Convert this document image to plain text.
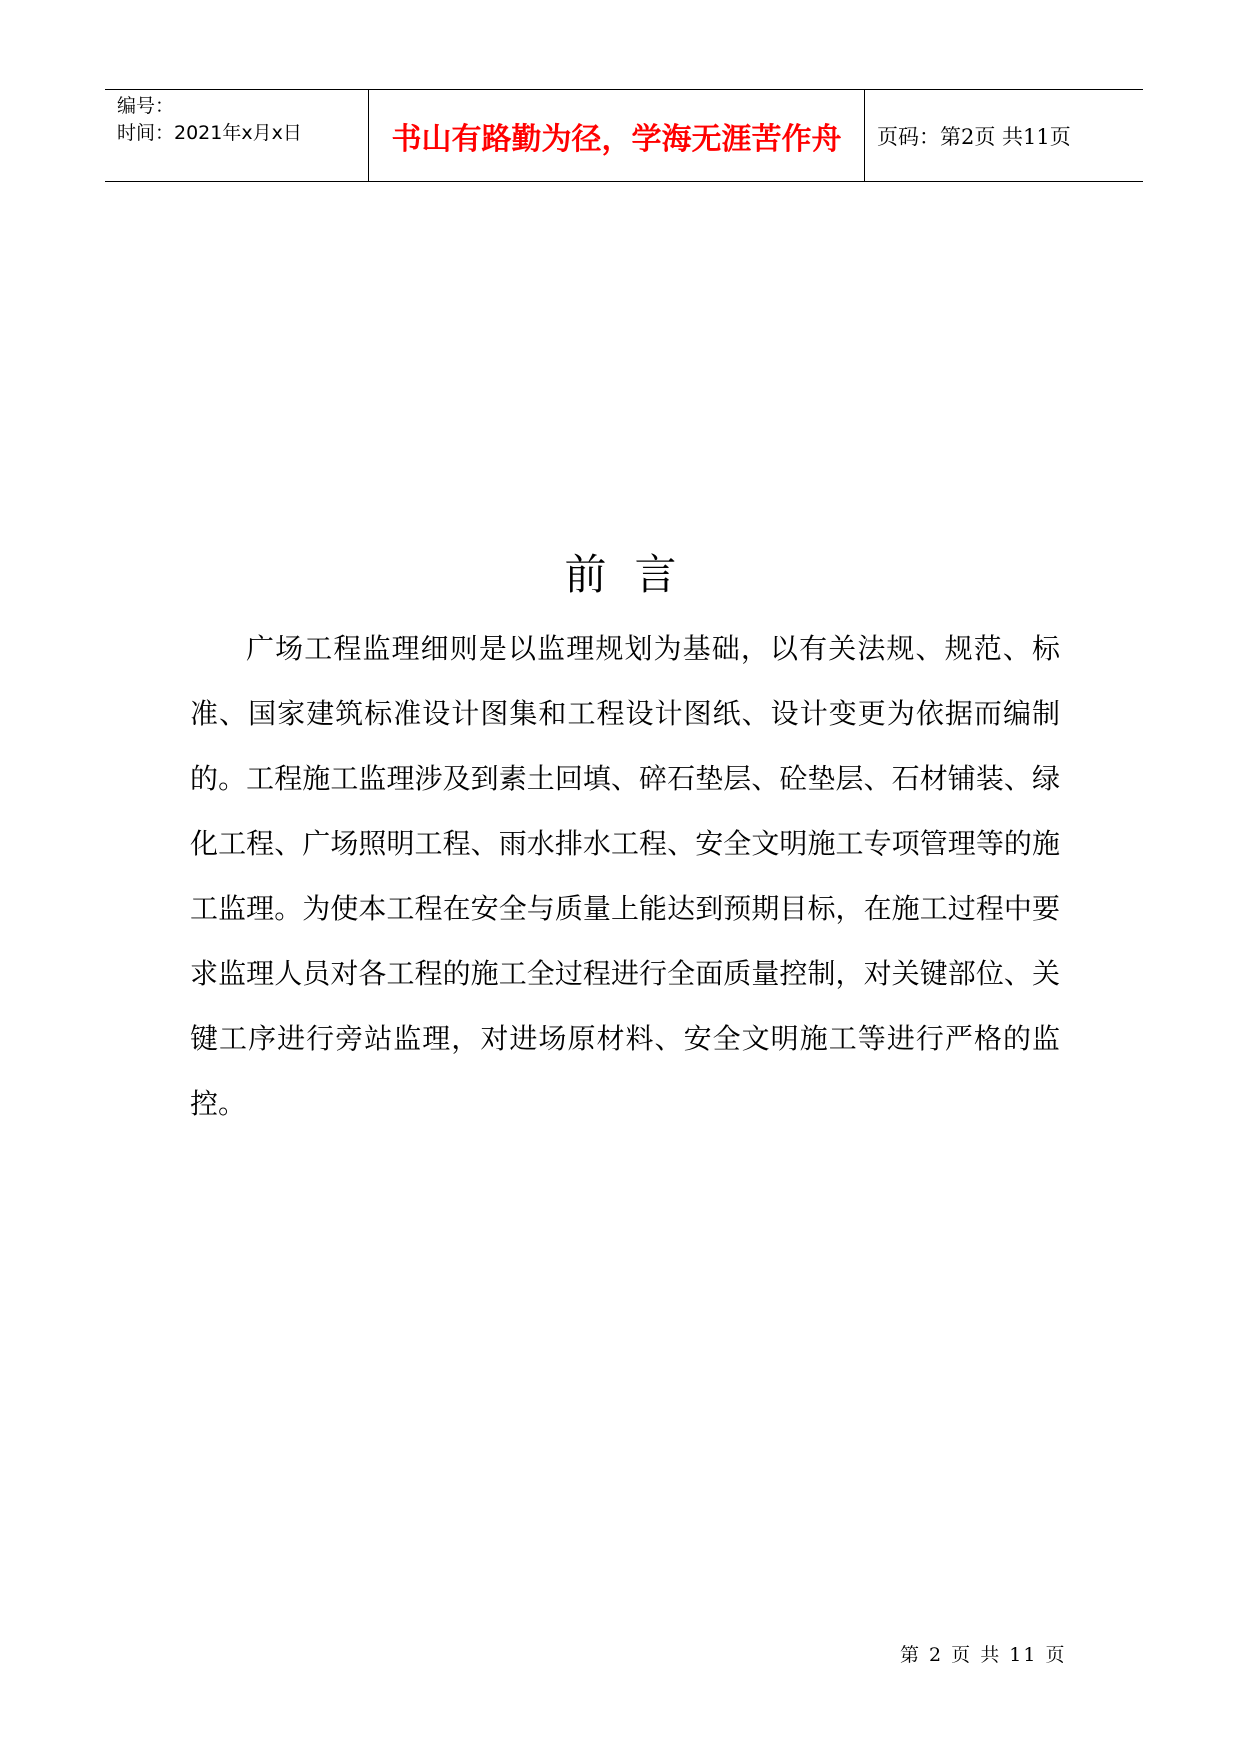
编号：
时间：2021年x月x日	书山有路勤为径，学海无涯苦作舟 页码：第2页 共11页
前言

广场工程监理细则是以监理规划为基础，以有关法规、规范、标准、国家建筑标准设计图集和工程设计图纸、设计变更为依据而编制的。工程施工监理涉及到素土回填、碎石垫层、砼垫层、石材铺装、绿化工程、广场照明工程、雨水排水工程、安全文明施工专项管理等的施工监理。为使本工程在安全与质量上能达到预期目标，在施工过程中要求监理人员对各工程的施工全过程进行全面质量控制，对关键部位、关键工序进行旁站监理，对进场原材料、安全文明施工等进行严格的监控。

第 2 页 共 11 页
